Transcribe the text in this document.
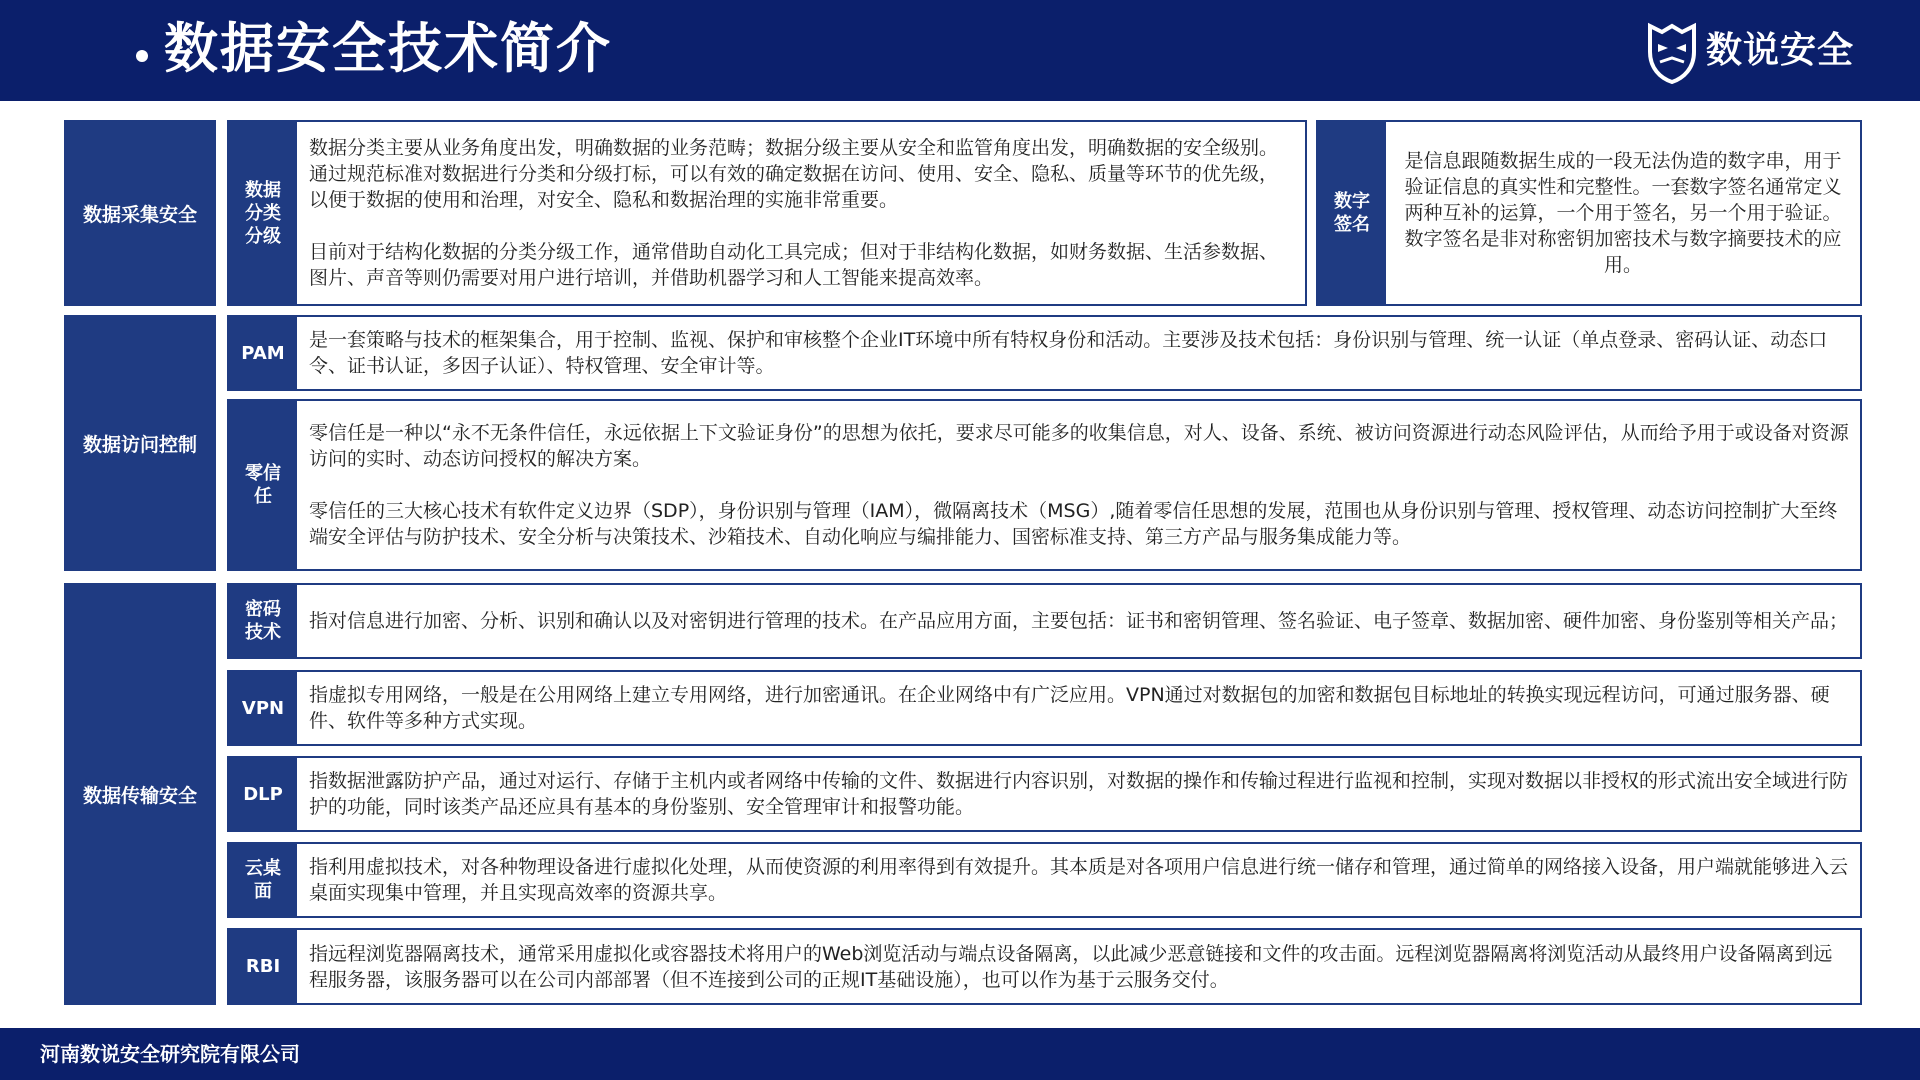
数据安全技术简介	数说安全
数据采集安全
数据分类分级

数据分类主要从业务角度出发，明确数据的业务范畴；数据分级主要从安全和监管角度出发，明确数据的安全级别。通过规范标准对数据进行分类和分级打标，可以有效的确定数据在访问、使用、安全、隐私、质量等环节的优先级，以便于数据的使用和治理，对安全、隐私和数据治理的实施非常重要。

目前对于结构化数据的分类分级工作，通常借助自动化工具完成；但对于非结构化数据，如财务数据、生活参数据、图片、声音等则仍需要对用户进行培训，并借助机器学习和人工智能来提高效率。

数字签名

是信息跟随数据生成的一段无法伪造的数字串，用于验证信息的真实性和完整性。一套数字签名通常定义两种互补的运算，一个用于签名，另一个用于验证。数字签名是非对称密钥加密技术与数字摘要技术的应用。

数据访问控制
PAM

是一套策略与技术的框架集合，用于控制、监视、保护和审核整个企业IT环境中所有特权身份和活动。主要涉及技术包括：身份识别与管理、统一认证（单点登录、密码认证、动态口令、证书认证，多因子认证）、特权管理、安全审计等。

零信任

零信任是一种以“永不无条件信任，永远依据上下文验证身份”的思想为依托，要求尽可能多的收集信息，对人、设备、系统、被访问资源进行动态风险评估，从而给予用于或设备对资源访问的实时、动态访问授权的解决方案。

零信任的三大核心技术有软件定义边界（SDP），身份识别与管理（IAM），微隔离技术（MSG）,随着零信任思想的发展，范围也从身份识别与管理、授权管理、动态访问控制扩大至终端安全评估与防护技术、安全分析与决策技术、沙箱技术、自动化响应与编排能力、国密标准支持、第三方产品与服务集成能力等。

数据传输安全
密码技术

指对信息进行加密、分析、识别和确认以及对密钥进行管理的技术。在产品应用方面，主要包括：证书和密钥管理、签名验证、电子签章、数据加密、硬件加密、身份鉴别等相关产品；

VPN

指虚拟专用网络，一般是在公用网络上建立专用网络，进行加密通讯。在企业网络中有广泛应用。VPN通过对数据包的加密和数据包目标地址的转换实现远程访问，可通过服务器、硬件、软件等多种方式实现。

DLP

指数据泄露防护产品，通过对运行、存储于主机内或者网络中传输的文件、数据进行内容识别，对数据的操作和传输过程进行监视和控制，实现对数据以非授权的形式流出安全域进行防护的功能，同时该类产品还应具有基本的身份鉴别、安全管理审计和报警功能。

云桌面

指利用虚拟技术，对各种物理设备进行虚拟化处理，从而使资源的利用率得到有效提升。其本质是对各项用户信息进行统一储存和管理，通过简单的网络接入设备，用户端就能够进入云桌面实现集中管理，并且实现高效率的资源共享。

RBI

指远程浏览器隔离技术，通常采用虚拟化或容器技术将用户的Web浏览活动与端点设备隔离，以此减少恶意链接和文件的攻击面。远程浏览器隔离将浏览活动从最终用户设备隔离到远程服务器，该服务器可以在公司内部部署（但不连接到公司的正规IT基础设施），也可以作为基于云服务交付。

河南数说安全研究院有限公司
